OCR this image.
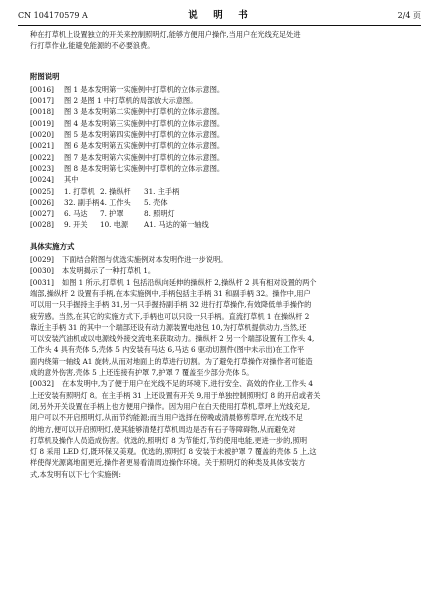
CN 104170579 A	说　明　书	2/4 页

种在打草机上设置独立的开关来控制照明灯,能够方便用户操作,当用户在光线充足处进

行打草作业,能避免能源的不必要浪费。

附图说明
[0016]	图 1 是本发明第一实施例中打草机的立体示意图。
[0017]	图 2 是图 1 中打草机的局部放大示意图。
[0018]	图 3 是本发明第二实施例中打草机的立体示意图。
[0019]	图 4 是本发明第三实施例中打草机的立体示意图。
[0020]	图 5 是本发明第四实施例中打草机的立体示意图。
[0021]	图 6 是本发明第五实施例中打草机的立体示意图。
[0022]	图 7 是本发明第六实施例中打草机的立体示意图。
[0023]	图 8 是本发明第七实施例中打草机的立体示意图。
[0024]	其中
[0025]	1. 打草机 2. 操纵杆	31. 主手柄
[0026]	32. 副手柄 4. 工作头	5. 壳体
[0027]	6. 马达	7. 护罩	8. 照明灯
[0028]	9. 开关	10. 电源	A1. 马达的第一轴线
具体实施方式

[0029] 下面结合附图与优选实施例对本发明作进一步说明。

[0030] 本发明揭示了一种打草机 1。

[0031] 如图 1 所示,打草机 1 包括沿纵向延伸的操纵杆 2,操纵杆 2 具有相对设置的两个

端部,操纵杆 2 设置有手柄,在本实施例中,手柄包括主手柄 31 和副手柄 32。操作中,用户

可以用一只手握持主手柄 31,另一只手握持副手柄 32 进行打草操作,有效降低单手操作的

疲劳感。当然,在其它的实施方式下,手柄也可以只设一只手柄。直流打草机 1 在操纵杆 2

靠近主手柄 31 的其中一个端部还设有动力源装置电池包 10,为打草机提供动力,当然,还

可以安装汽油机或以电源线外接交流电来获取动力。操纵杆 2 另一个端部设置有工作头 4,

工作头 4 具有壳体 5,壳体 5 内安装有马达 6,马达 6 驱动切割件(图中未示出)在工作平

面内绕第一轴线 A1 旋转,从而对地面上的草进行切割。为了避免打草操作对操作者可能造

成的意外伤害,壳体 5 上还连接有护罩 7,护罩 7 覆盖至少部分壳体 5。

[0032] 在本发明中,为了便于用户在光线不足的环境下,进行安全、高效的作业,工作头 4

上还安装有照明灯 8。在主手柄 31 上还设置有开关 9,用于单独控制照明灯 8 的开启或者关

闭,另外开关设置在手柄上也方便用户操作。因为用户在白天使用打草机,草坪上光线充足,

用户可以不开启照明灯,从而节约能源;而当用户选择在傍晚或清晨修剪草坪,在光线不足

的地方,便可以开启照明灯,使其能够清楚打草机周边是否有石子等障碍物,从而避免对

打草机及操作人员造成伤害。优选的,照明灯 8 为节能灯,节约使用电能,更进一步的,照明

灯 8 采用 LED 灯,既环保又美观。优选的,照明灯 8 安装于未被护罩 7 覆盖的壳体 5 上,这

样使得光源离地面更近,操作者更易看清周边操作环境。关于照明灯的种类及具体安装方

式,本发明有以下七个实施例:
